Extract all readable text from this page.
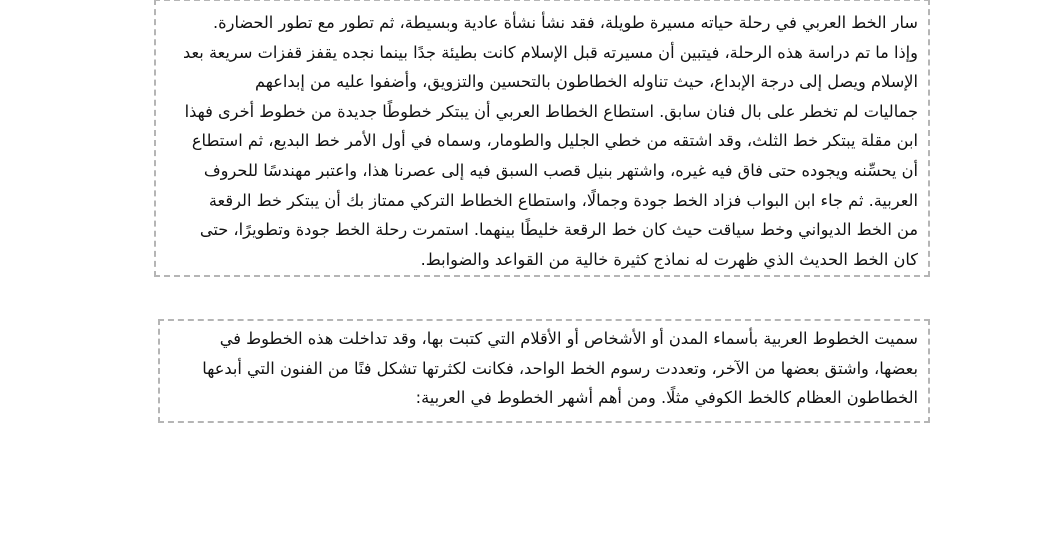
سار الخط العربي في رحلة حياته مسيرة طويلة، فقد نشأ نشأة عادية وبسيطة، ثم تطور مع تطور الحضارة.
وإذا ما تم دراسة هذه الرحلة، فيتبين أن مسيرته قبل الإسلام كانت بطيئة جدًا بينما نجده يقفز قفزات سريعة بعد
الإسلام ويصل إلى درجة الإبداع، حيث تناوله الخطاطون بالتحسين والتزويق، وأضفوا عليه من إبداعهم
جماليات لم تخطر على بال فنان سابق. استطاع الخطاط العربي أن يبتكر خطوطًا جديدة من خطوط أخرى فهذا
ابن مقلة يبتكر خط الثلث، وقد اشتقه من خطي الجليل والطومار، وسماه في أول الأمر خط البديع، ثم استطاع
أن يحسِّنه ويجوده حتى فاق فيه غيره، واشتهر بنيل قصب السبق فيه إلى عصرنا هذا، واعتبر مهندسًا للحروف
العربية. ثم جاء ابن البواب فزاد الخط جودة وجمالًا، واستطاع الخطاط التركي ممتاز بك أن يبتكر خط الرقعة
من الخط الديواني وخط سياقت حيث كان خط الرقعة خليطًا بينهما. استمرت رحلة الخط جودة وتطويرًا، حتى
كان الخط الحديث الذي ظهرت له نماذج كثيرة خالية من القواعد والضوابط.
سميت الخطوط العربية بأسماء المدن أو الأشخاص أو الأقلام التي كتبت بها، وقد تداخلت هذه الخطوط في
بعضها، واشتق بعضها من الآخر، وتعددت رسوم الخط الواحد، فكانت لكثرتها تشكل فنًا من الفنون التي أبدعها
الخطاطون العظام كالخط الكوفي مثلًا. ومن أهم أشهر الخطوط في العربية:
